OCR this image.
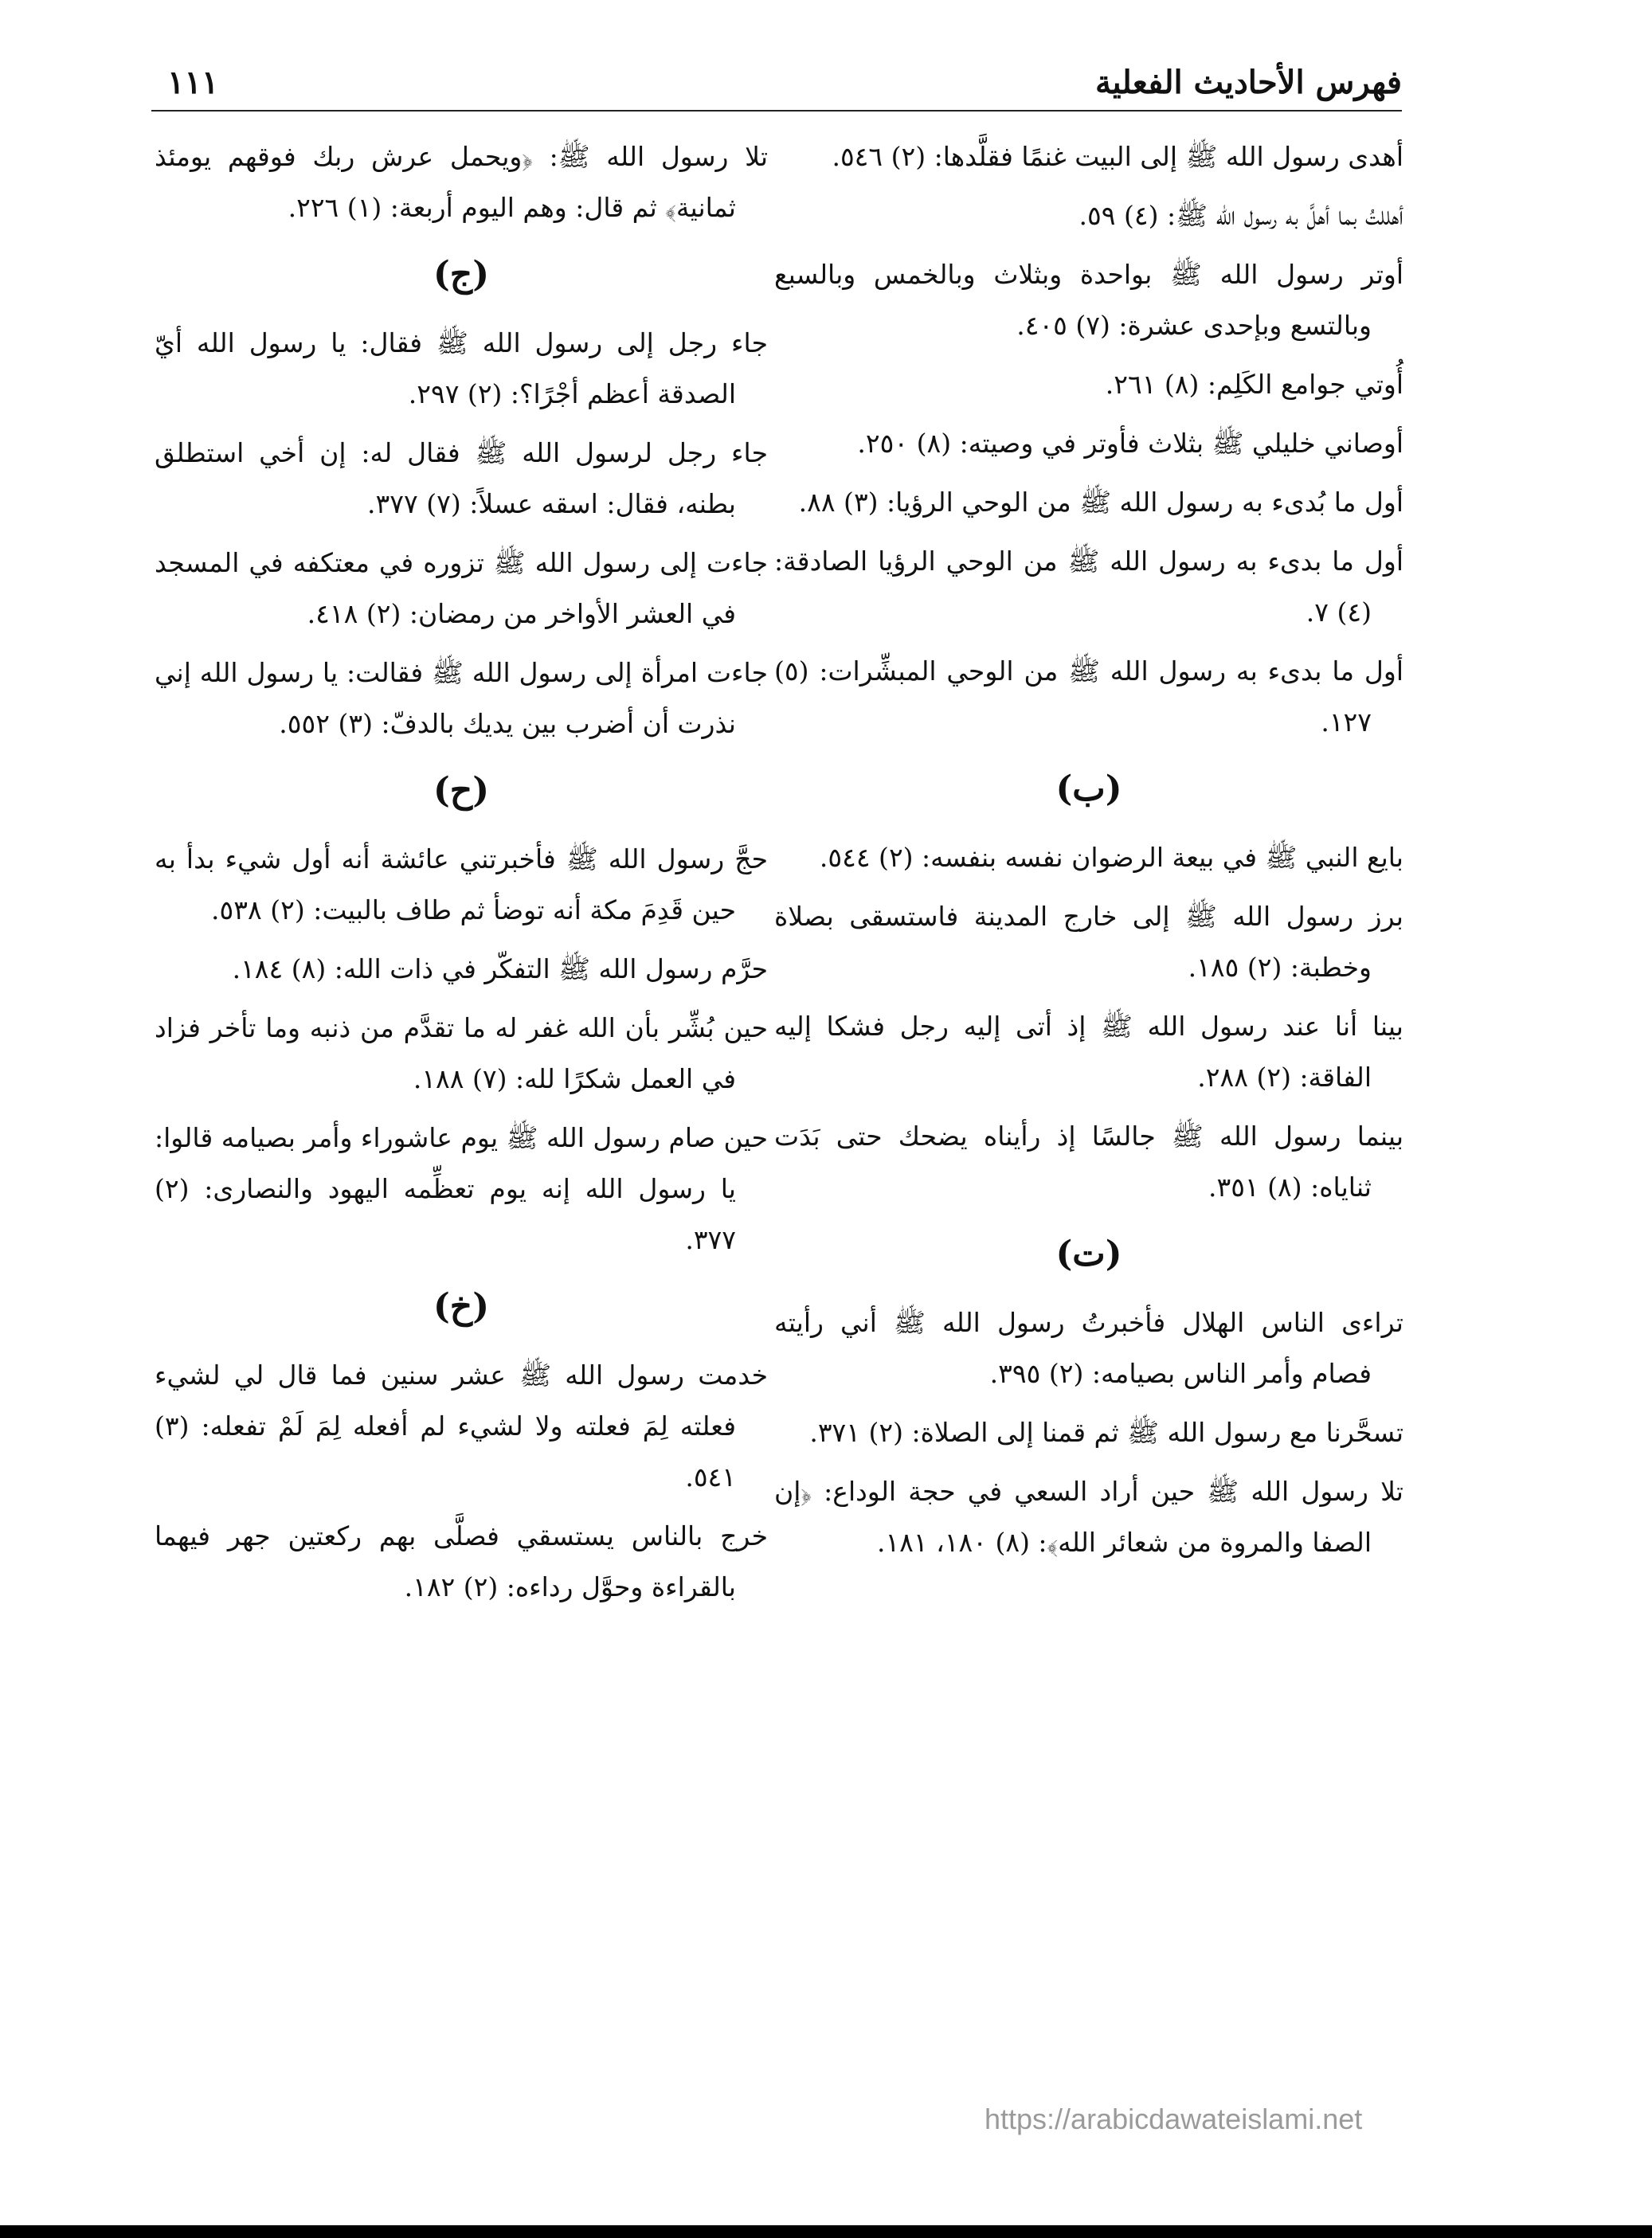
فهرس الأحاديث الفعلية
١١١
أهدى رسول الله ﷺ إلى البيت غنمًا فقلَّدها: (٢) ٥٤٦.
أهللتُ بما أهلَّ به رسول الله ﷺ: (٤) ٥٩.
أوتر رسول الله ﷺ بواحدة وبثلاث وبالخمس وبالسبع وبالتسع وبإحدى عشرة: (٧) ٤٠٥.
أُوتي جوامع الكَلِم: (٨) ٢٦١.
أوصاني خليلي ﷺ بثلاث فأوتر في وصيته: (٨) ٢٥٠.
أول ما بُدىء به رسول الله ﷺ من الوحي الرؤيا: (٣) ٨٨.
أول ما بدىء به رسول الله ﷺ من الوحي الرؤيا الصادقة: (٤) ٧.
أول ما بدىء به رسول الله ﷺ من الوحي المبشِّرات: (٥) ١٢٧.
(ب)
بايع النبي ﷺ في بيعة الرضوان نفسه بنفسه: (٢) ٥٤٤.
برز رسول الله ﷺ إلى خارج المدينة فاستسقى بصلاة وخطبة: (٢) ١٨٥.
بينا أنا عند رسول الله ﷺ إذ أتى إليه رجل فشكا إليه الفاقة: (٢) ٢٨٨.
بينما رسول الله ﷺ جالسًا إذ رأيناه يضحك حتى بَدَت ثناياه: (٨) ٣٥١.
(ت)
تراءى الناس الهلال فأخبرتُ رسول الله ﷺ أني رأيته فصام وأمر الناس بصيامه: (٢) ٣٩٥.
تسحَّرنا مع رسول الله ﷺ ثم قمنا إلى الصلاة: (٢) ٣٧١.
تلا رسول الله ﷺ حين أراد السعي في حجة الوداع: ﴿إن الصفا والمروة من شعائر الله﴾: (٨) ١٨٠، ١٨١.
تلا رسول الله ﷺ: ﴿ويحمل عرش ربك فوقهم يومئذ ثمانية﴾ ثم قال: وهم اليوم أربعة: (١) ٢٢٦.
(ج)
جاء رجل إلى رسول الله ﷺ فقال: يا رسول الله أيّ الصدقة أعظم أجْرًا؟: (٢) ٢٩٧.
جاء رجل لرسول الله ﷺ فقال له: إن أخي استطلق بطنه، فقال: اسقه عسلاً: (٧) ٣٧٧.
جاءت إلى رسول الله ﷺ تزوره في معتكفه في المسجد في العشر الأواخر من رمضان: (٢) ٤١٨.
جاءت امرأة إلى رسول الله ﷺ فقالت: يا رسول الله إني نذرت أن أضرب بين يديك بالدفّ: (٣) ٥٥٢.
(ح)
حجَّ رسول الله ﷺ فأخبرتني عائشة أنه أول شيء بدأ به حين قَدِمَ مكة أنه توضأ ثم طاف بالبيت: (٢) ٥٣٨.
حرَّم رسول الله ﷺ التفكّر في ذات الله: (٨) ١٨٤.
حين بُشِّر بأن الله غفر له ما تقدَّم من ذنبه وما تأخر فزاد في العمل شكرًا لله: (٧) ١٨٨.
حين صام رسول الله ﷺ يوم عاشوراء وأمر بصيامه قالوا: يا رسول الله إنه يوم تعظِّمه اليهود والنصارى: (٢) ٣٧٧.
(خ)
خدمت رسول الله ﷺ عشر سنين فما قال لي لشيء فعلته لِمَ فعلته ولا لشيء لم أفعله لِمَ لَمْ تفعله: (٣) ٥٤١.
خرج بالناس يستسقي فصلَّى بهم ركعتين جهر فيهما بالقراءة وحوَّل رداءه: (٢) ١٨٢.
https://arabicdawateislami.net
